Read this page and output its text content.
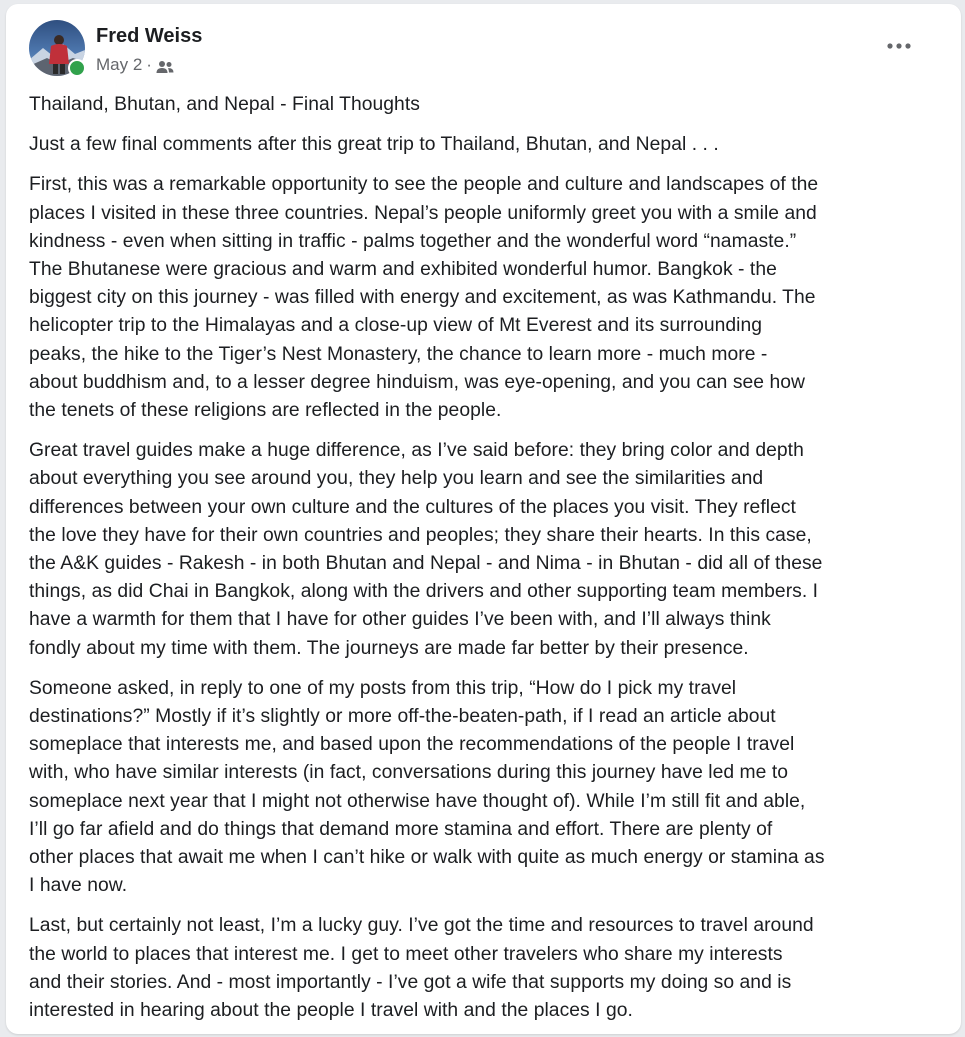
Fred Weiss
May 2 ·

Thailand, Bhutan, and Nepal - Final Thoughts

Just a few final comments after this great trip to Thailand, Bhutan, and Nepal . . .

First, this was a remarkable opportunity to see the people and culture and landscapes of the
places I visited in these three countries. Nepal’s people uniformly greet you with a smile and
kindness - even when sitting in traffic - palms together and the wonderful word “namaste.”
The Bhutanese were gracious and warm and exhibited wonderful humor. Bangkok - the
biggest city on this journey - was filled with energy and excitement, as was Kathmandu. The
helicopter trip to the Himalayas and a close-up view of Mt Everest and its surrounding
peaks, the hike to the Tiger’s Nest Monastery, the chance to learn more - much more -
about buddhism and, to a lesser degree hinduism, was eye-opening, and you can see how
the tenets of these religions are reflected in the people.

Great travel guides make a huge difference, as I’ve said before: they bring color and depth
about everything you see around you, they help you learn and see the similarities and
differences between your own culture and the cultures of the places you visit. They reflect
the love they have for their own countries and peoples; they share their hearts. In this case,
the A&K guides - Rakesh - in both Bhutan and Nepal - and Nima - in Bhutan - did all of these
things, as did Chai in Bangkok, along with the drivers and other supporting team members. I
have a warmth for them that I have for other guides I’ve been with, and I’ll always think
fondly about my time with them. The journeys are made far better by their presence.

Someone asked, in reply to one of my posts from this trip, “How do I pick my travel
destinations?” Mostly if it’s slightly or more off-the-beaten-path, if I read an article about
someplace that interests me, and based upon the recommendations of the people I travel
with, who have similar interests (in fact, conversations during this journey have led me to
someplace next year that I might not otherwise have thought of). While I’m still fit and able,
I’ll go far afield and do things that demand more stamina and effort. There are plenty of
other places that await me when I can’t hike or walk with quite as much energy or stamina as
I have now.

Last, but certainly not least, I’m a lucky guy. I’ve got the time and resources to travel around
the world to places that interest me. I get to meet other travelers who share my interests
and their stories. And - most importantly - I’ve got a wife that supports my doing so and is
interested in hearing about the people I travel with and the places I go.
